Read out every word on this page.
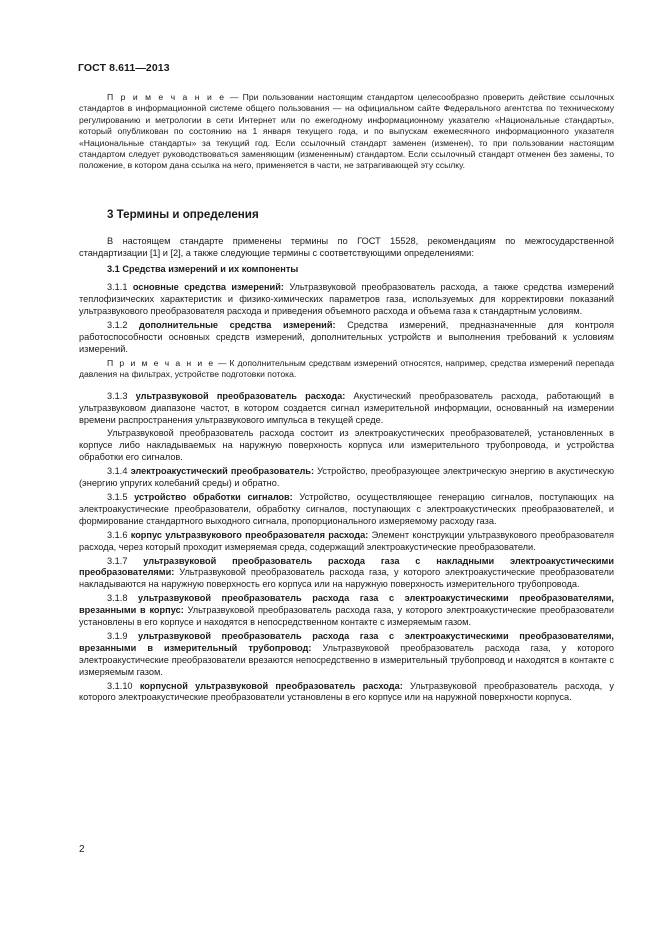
ГОСТ 8.611—2013

П р и м е ч а н и е — При пользовании настоящим стандартом целесообразно проверить действие ссылочных стандартов в информационной системе общего пользования — на официальном сайте Федерального агентства по техническому регулированию и метрологии в сети Интернет или по ежегодному информационному указателю «Национальные стандарты», который опубликован по состоянию на 1 января текущего года, и по выпускам ежемесячного информационного указателя «Национальные стандарты» за текущий год. Если ссылочный стандарт заменен (изменен), то при пользовании настоящим стандартом следует руководствоваться заменяющим (измененным) стандартом. Если ссылочный стандарт отменен без замены, то положение, в котором дана ссылка на него, применяется в части, не затрагивающей эту ссылку.

3 Термины и определения

В настоящем стандарте применены термины по ГОСТ 15528, рекомендациям по межгосударственной стандартизации [1] и [2], а также следующие термины с соответствующими определениями:

3.1 Средства измерений и их компоненты

3.1.1 основные средства измерений: Ультразвуковой преобразователь расхода, а также средства измерений теплофизических характеристик и физико-химических параметров газа, используемых для корректировки показаний ультразвукового преобразователя расхода и приведения объемного расхода и объема газа к стандартным условиям.

3.1.2 дополнительные средства измерений: Средства измерений, предназначенные для контроля работоспособности основных средств измерений, дополнительных устройств и выполнения требований к условиям измерений.

П р и м е ч а н и е — К дополнительным средствам измерений относятся, например, средства измерений перепада давления на фильтрах, устройстве подготовки потока.

3.1.3 ультразвуковой преобразователь расхода: Акустический преобразователь расхода, работающий в ультразвуковом диапазоне частот, в котором создается сигнал измерительной информации, основанный на измерении времени распространения ультразвукового импульса в текущей среде.

Ультразвуковой преобразователь расхода состоит из электроакустических преобразователей, установленных в корпусе либо накладываемых на наружную поверхность корпуса или измерительного трубопровода, и устройства обработки его сигналов.

3.1.4 электроакустический преобразователь: Устройство, преобразующее электрическую энергию в акустическую (энергию упругих колебаний среды) и обратно.

3.1.5 устройство обработки сигналов: Устройство, осуществляющее генерацию сигналов, поступающих на электроакустические преобразователи, обработку сигналов, поступающих с электроакустических преобразователей, и формирование стандартного выходного сигнала, пропорционального измеряемому расходу газа.

3.1.6 корпус ультразвукового преобразователя расхода: Элемент конструкции ультразвукового преобразователя расхода, через который проходит измеряемая среда, содержащий электроакустические преобразователи.

3.1.7 ультразвуковой преобразователь расхода газа с накладными электроакустическими преобразователями: Ультразвуковой преобразователь расхода газа, у которого электроакустические преобразователи накладываются на наружную поверхность его корпуса или на наружную поверхность измерительного трубопровода.

3.1.8 ультразвуковой преобразователь расхода газа с электроакустическими преобразователями, врезанными в корпус: Ультразвуковой преобразователь расхода газа, у которого электроакустические преобразователи установлены в его корпусе и находятся в непосредственном контакте с измеряемым газом.

3.1.9 ультразвуковой преобразователь расхода газа с электроакустическими преобразователями, врезанными в измерительный трубопровод: Ультразвуковой преобразователь расхода газа, у которого электроакустические преобразователи врезаются непосредственно в измерительный трубопровод и находятся в контакте с измеряемым газом.

3.1.10 корпусной ультразвуковой преобразователь расхода: Ультразвуковой преобразователь расхода, у которого электроакустические преобразователи установлены в его корпусе или на наружной поверхности корпуса.

2
